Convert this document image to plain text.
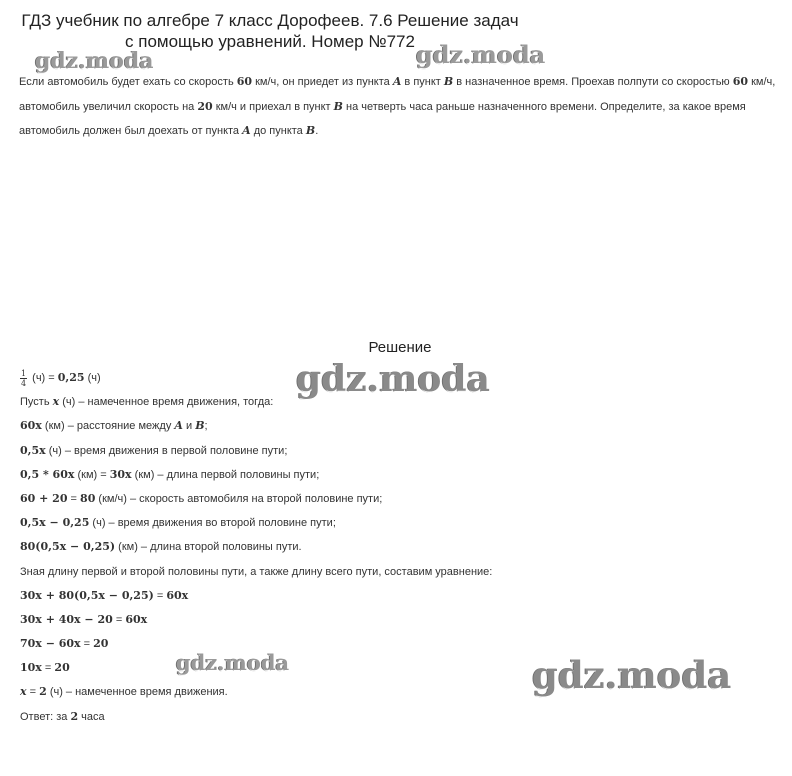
ГДЗ учебник по алгебре 7 класс Дорофеев. 7.6 Решение задач
с помощью уравнений. Номер №772
Если автомобиль будет ехать со скорость 60 км/ч, он приедет из пункта A в пункт B в назначенное время. Проехав полпути со скоростью 60 км/ч, автомобиль увеличил скорость на 20 км/ч и приехал в пункт B на четверть часа раньше назначенного времени. Определите, за какое время автомобиль должен был доехать от пункта A до пункта B.
Решение
$\frac{1}{4} (ч) = 0,25$ (ч)
Пусть x (ч) – намеченное время движения, тогда:
60x (км) – расстояние между A и B;
0,5x (ч) – время движения в первой половине пути;
0,5 * 60x (км) = 30x (км) – длина первой половины пути;
60 + 20 = 80 (км/ч) – скорость автомобиля на второй половине пути;
0,5x − 0,25 (ч) – время движения во второй половине пути;
80(0,5x − 0,25) (км) – длина второй половины пути.
Зная длину первой и второй половины пути, а также длину всего пути, составим уравнение:
30x + 80(0,5x − 0,25) = 60x
30x + 40x − 20 = 60x
70x − 60x = 20
10x = 20
x = 2 (ч) – намеченное время движения.
Ответ: за 2 часа
gdz.moda	gdz.moda
gdz.moda
gdz.moda	gdz.moda
